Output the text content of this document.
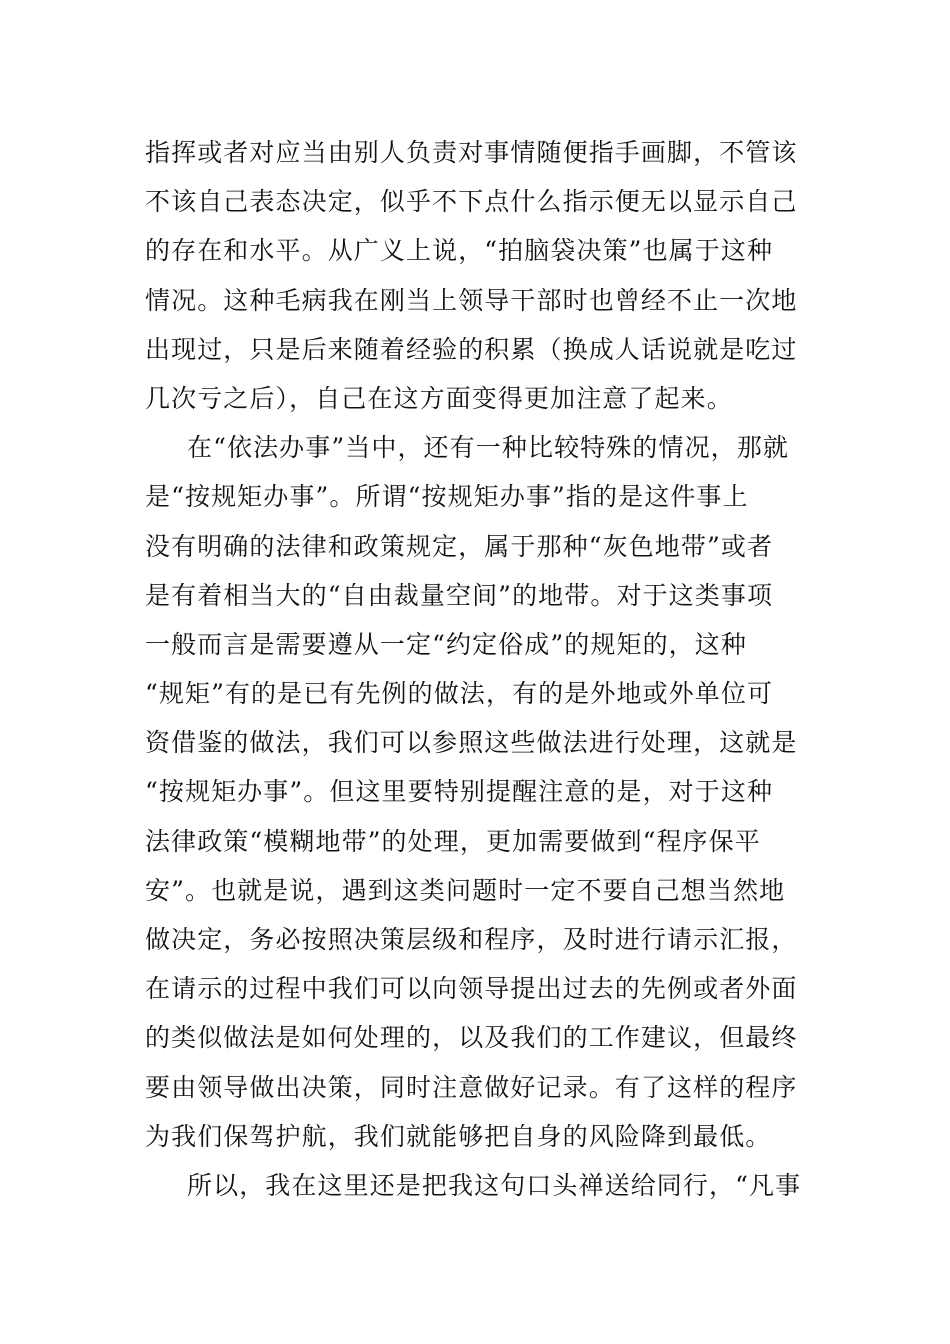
指挥或者对应当由别人负责对事情随便指手画脚，不管该
不该自己表态决定，似乎不下点什么指示便无以显示自己
的存在和水平。从广义上说，“拍脑袋决策”也属于这种
情况。这种毛病我在刚当上领导干部时也曾经不止一次地
出现过，只是后来随着经验的积累（换成人话说就是吃过
几次亏之后），自己在这方面变得更加注意了起来。
在“依法办事”当中，还有一种比较特殊的情况，那就
是“按规矩办事”。所谓“按规矩办事”指的是这件事上
没有明确的法律和政策规定，属于那种“灰色地带”或者
是有着相当大的“自由裁量空间”的地带。对于这类事项
一般而言是需要遵从一定“约定俗成”的规矩的，这种
“规矩”有的是已有先例的做法，有的是外地或外单位可
资借鉴的做法，我们可以参照这些做法进行处理，这就是
“按规矩办事”。但这里要特别提醒注意的是，对于这种
法律政策“模糊地带”的处理，更加需要做到“程序保平
安”。也就是说，遇到这类问题时一定不要自己想当然地
做决定，务必按照决策层级和程序，及时进行请示汇报，
在请示的过程中我们可以向领导提出过去的先例或者外面
的类似做法是如何处理的，以及我们的工作建议，但最终
要由领导做出决策，同时注意做好记录。有了这样的程序
为我们保驾护航，我们就能够把自身的风险降到最低。
所以，我在这里还是把我这句口头禅送给同行，“凡事
